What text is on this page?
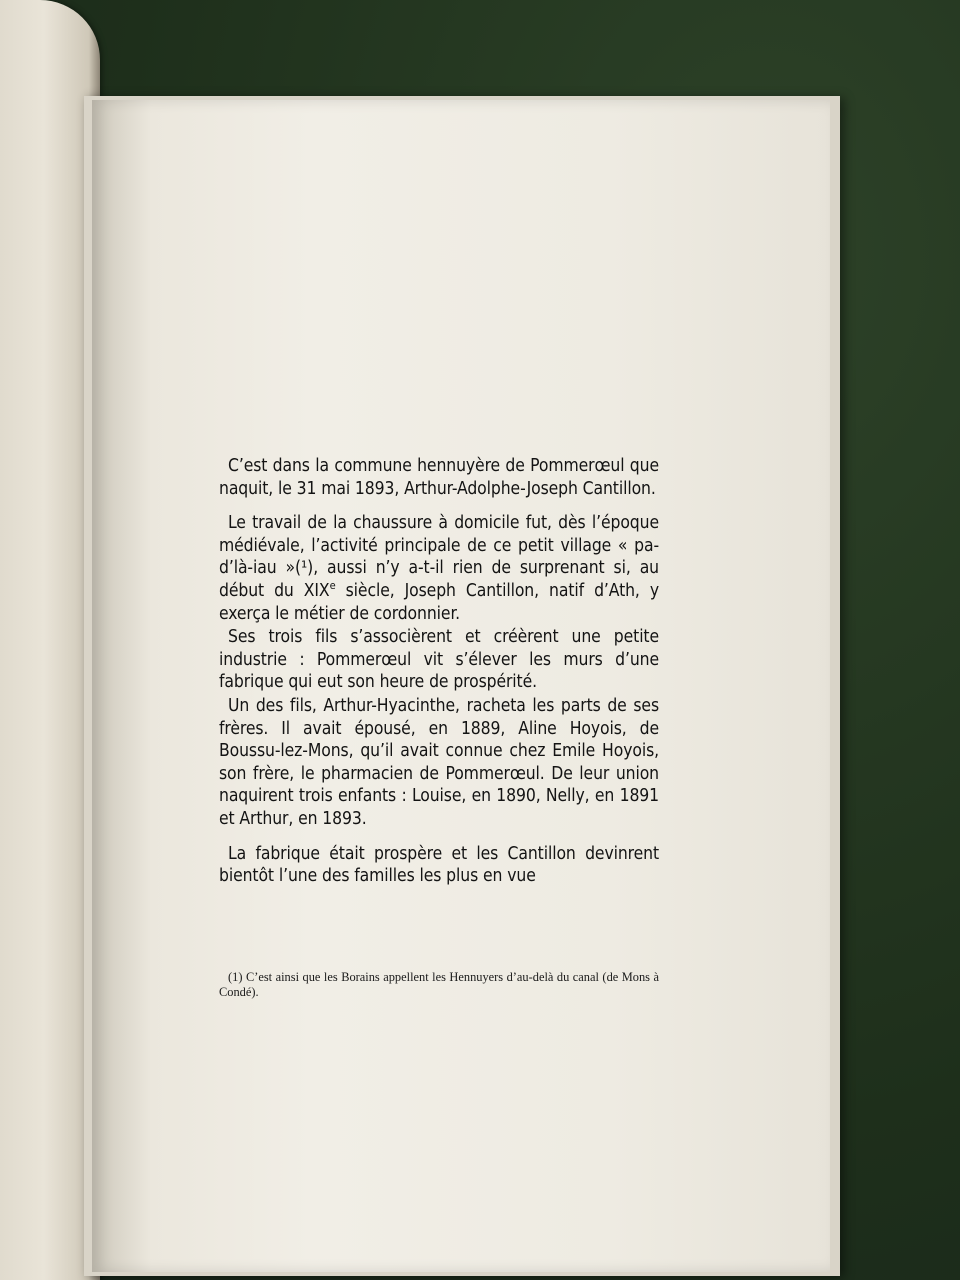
C’est dans la commune hennuyère de Pommerœul que naquit, le 31 mai 1893, Arthur-Adolphe-Joseph Cantillon.

Le travail de la chaussure à domicile fut, dès l’époque médiévale, l’activité principale de ce petit village « pa-d’là-iau »(¹), aussi n’y a-t-il rien de surprenant si, au début du XIXe siècle, Joseph Cantillon, natif d’Ath, y exerça le métier de cordonnier.

Ses trois fils s’associèrent et créèrent une petite industrie : Pommerœul vit s’élever les murs d’une fabrique qui eut son heure de prospérité.

Un des fils, Arthur-Hyacinthe, racheta les parts de ses frères. Il avait épousé, en 1889, Aline Hoyois, de Boussu-lez-Mons, qu’il avait connue chez Emile Hoyois, son frère, le pharmacien de Pommerœul. De leur union naquirent trois enfants : Louise, en 1890, Nelly, en 1891 et Arthur, en 1893.

La fabrique était prospère et les Cantillon devinrent bientôt l’une des familles les plus en vue

(1) C’est ainsi que les Borains appellent les Hennuyers d’au-delà du canal (de Mons à Condé).
